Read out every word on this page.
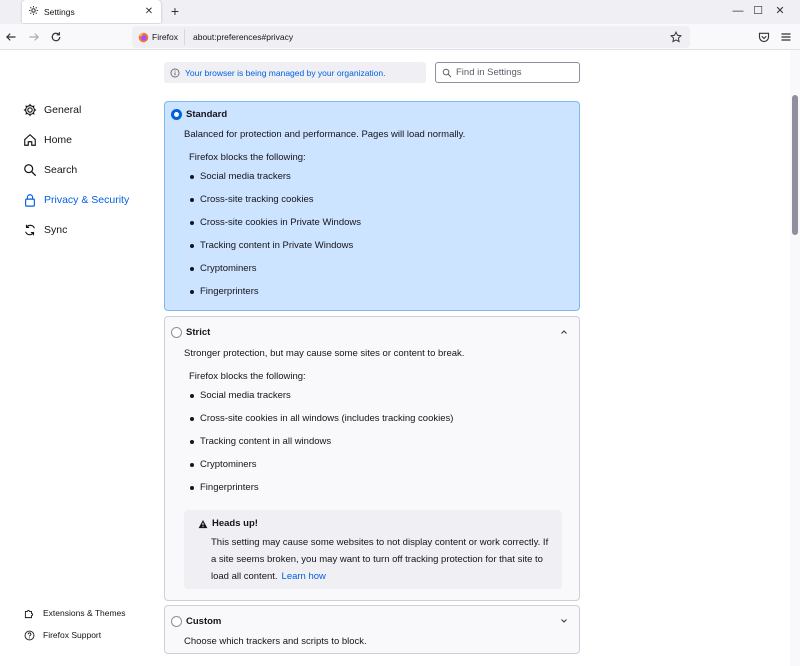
Settings	✕ +	— ☐	✕
Firefox about:preferences#privacy
General
Home
Search
Privacy & Security
Sync
Extensions & Themes
Firefox Support
Your browser is being managed by your organization.
Find in Settings
Standard
Balanced for protection and performance. Pages will load normally.
Firefox blocks the following:
Social media trackers
Cross-site tracking cookies
Cross-site cookies in Private Windows
Tracking content in Private Windows
Cryptominers
Fingerprinters
Strict
Stronger protection, but may cause some sites or content to break.
Firefox blocks the following:
Social media trackers
Cross-site cookies in all windows (includes tracking cookies)
Tracking content in all windows
Cryptominers
Fingerprinters
Heads up!
This setting may cause some websites to not display content or work correctly. If a site seems broken, you may want to turn off tracking protection for that site to load all content. Learn how
Custom
Choose which trackers and scripts to block.
